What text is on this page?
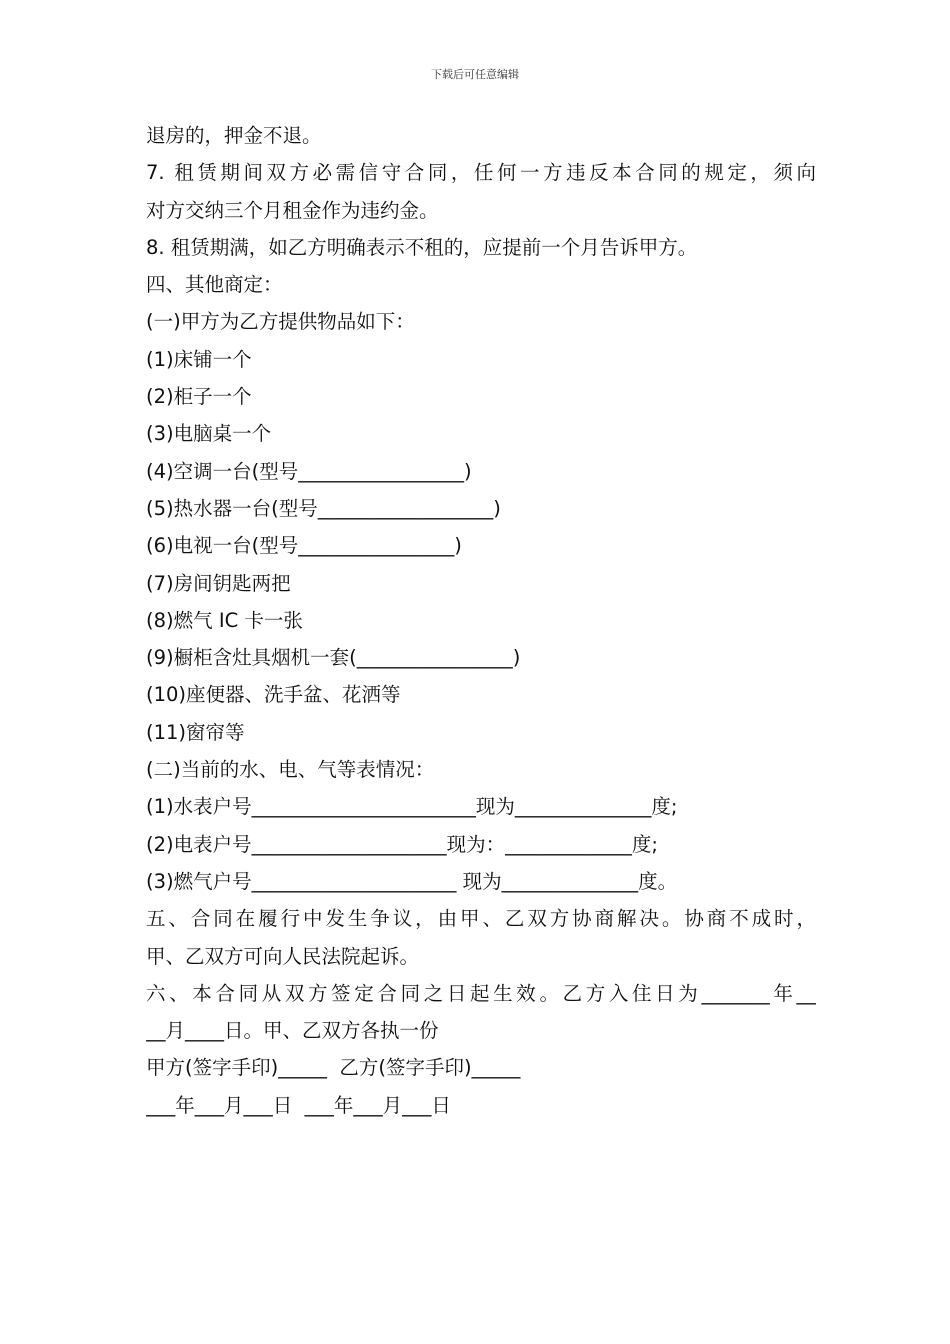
下载后可任意编辑
退房的，押金不退。
7. 租赁期间双方必需信守合同，任何一方违反本合同的规定，须向
对方交纳三个月租金作为违约金。
8. 租赁期满，如乙方明确表示不租的，应提前一个月告诉甲方。
四、其他商定：
(一)甲方为乙方提供物品如下：
(1)床铺一个
(2)柜子一个
(3)电脑桌一个
(4)空调一台(型号_________________)
(5)热水器一台(型号__________________)
(6)电视一台(型号________________)
(7)房间钥匙两把
(8)燃气 IC 卡一张
(9)橱柜含灶具烟机一套(________________)
(10)座便器、洗手盆、花洒等
(11)窗帘等
(二)当前的水、电、气等表情况：
(1)水表户号_______________________现为______________度;
(2)电表户号____________________现为：_____________度;
(3)燃气户号_____________________ 现为______________度。
五、合同在履行中发生争议，由甲、乙双方协商解决。协商不成时，
甲、乙双方可向人民法院起诉。
六、本合同从双方签定合同之日起生效。乙方入住日为_______年__
__月____日。甲、乙双方各执一份
甲方(签字手印)_____  乙方(签字手印)_____
___年___月___日  ___年___月___日
